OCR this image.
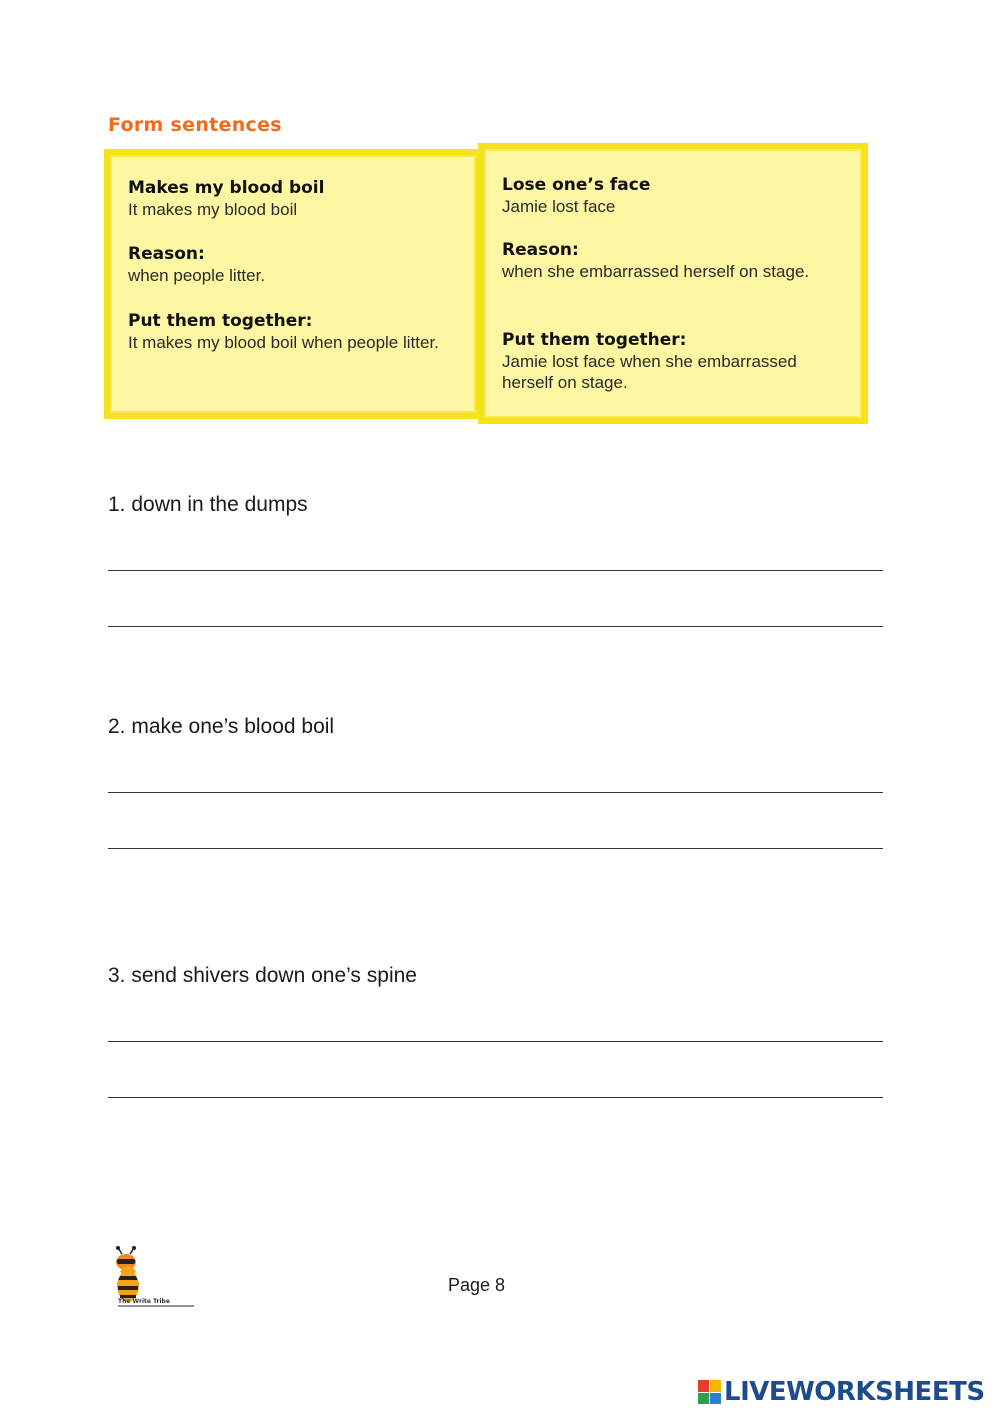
Form sentences
Makes my blood boil
It makes my blood boil
Reason:
when people litter.
Put them together:
It makes my blood boil when people litter.
Lose one’s face
Jamie lost face
Reason:
when she embarrassed herself on stage.
Put them together:
Jamie lost face when she embarrassed herself on stage.
1. down in the dumps
2. make one’s blood boil
3. send shivers down one’s spine
The Write Tribe
Page 8
LIVEWORKSHEETS
